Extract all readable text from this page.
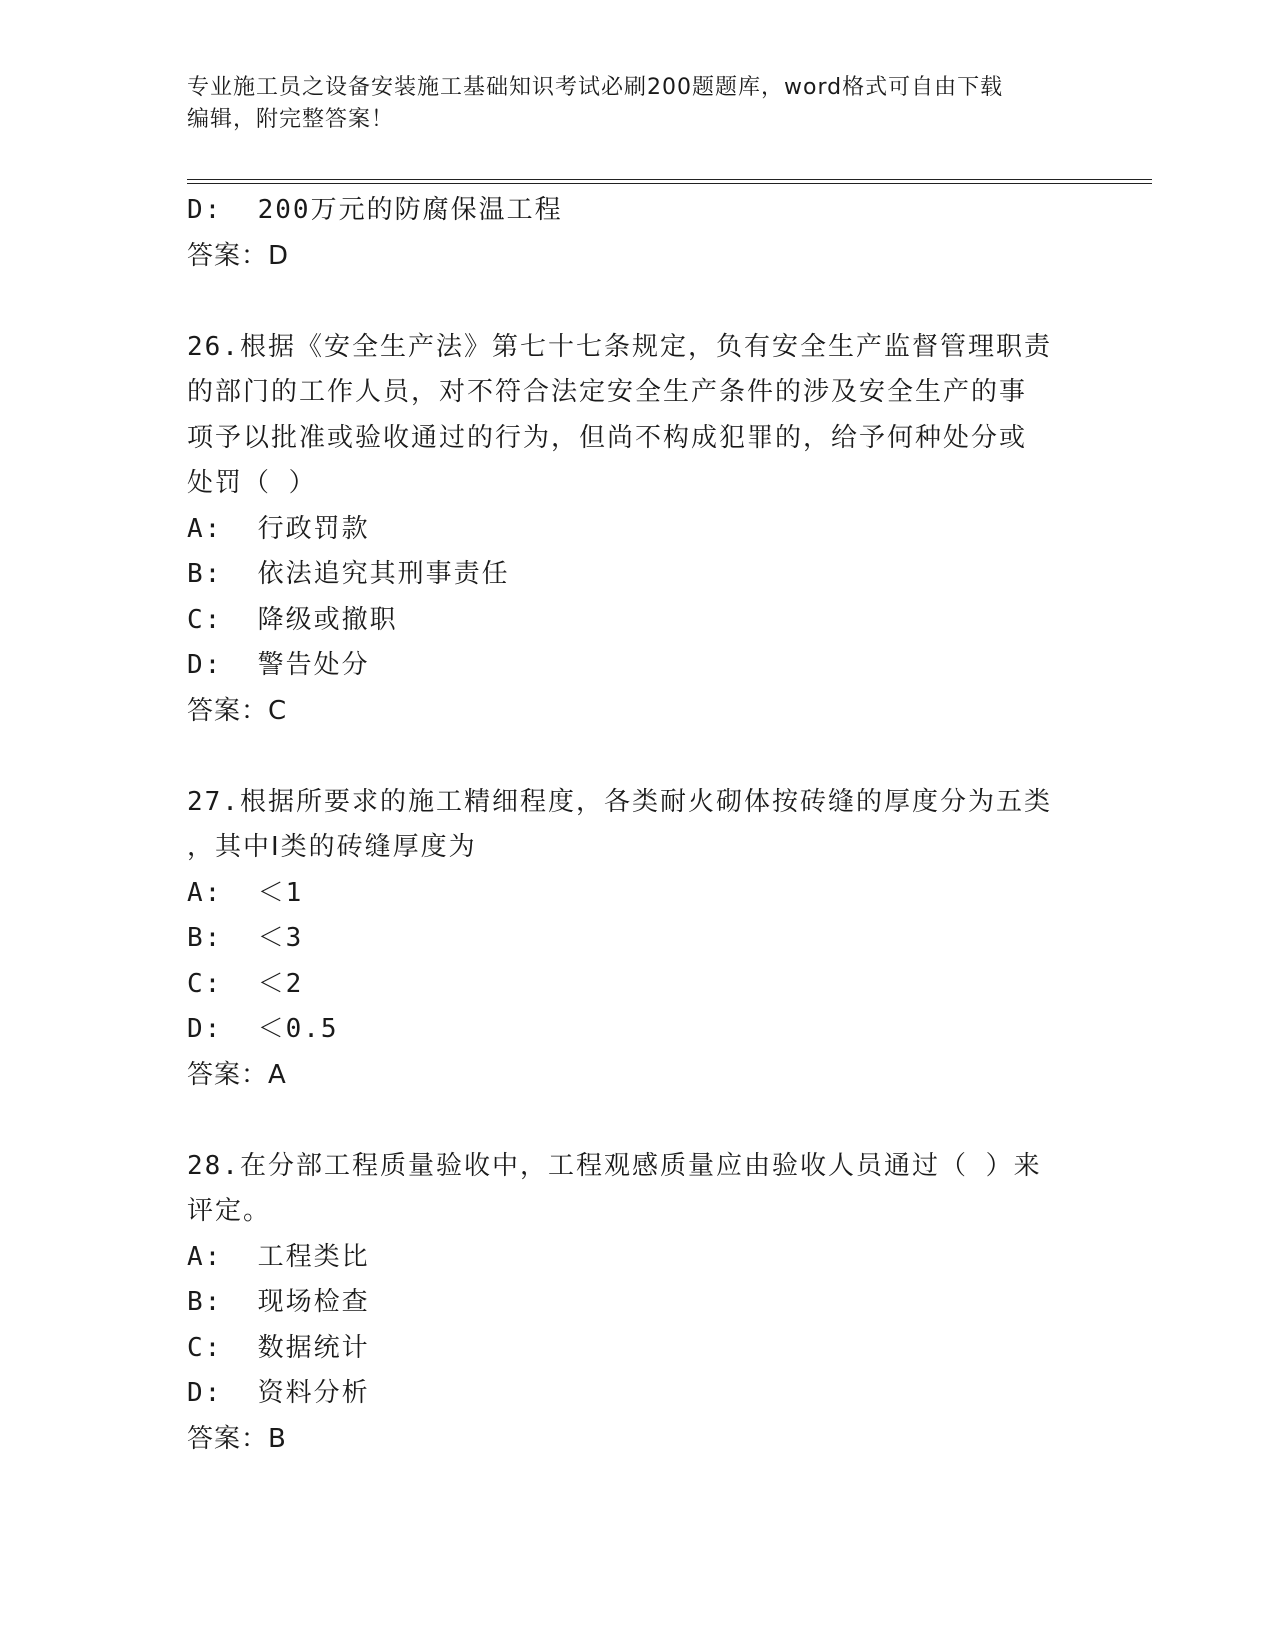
专业施工员之设备安装施工基础知识考试必刷200题题库，word格式可自由下载
编辑，附完整答案！
D:  200万元的防腐保温工程
答案：D
26.根据《安全生产法》第七十七条规定，负有安全生产监督管理职责
的部门的工作人员，对不符合法定安全生产条件的涉及安全生产的事
项予以批准或验收通过的行为，但尚不构成犯罪的，给予何种处分或
处罚（ ）
A:  行政罚款
B:  依法追究其刑事责任
C:  降级或撤职
D:  警告处分
答案：C
27.根据所要求的施工精细程度，各类耐火砌体按砖缝的厚度分为五类
，其中Ⅰ类的砖缝厚度为
A:  ＜1
B:  ＜3
C:  ＜2
D:  ＜0.5
答案：A
28.在分部工程质量验收中，工程观感质量应由验收人员通过（ ）来
评定。
A:  工程类比
B:  现场检查
C:  数据统计
D:  资料分析
答案：B
